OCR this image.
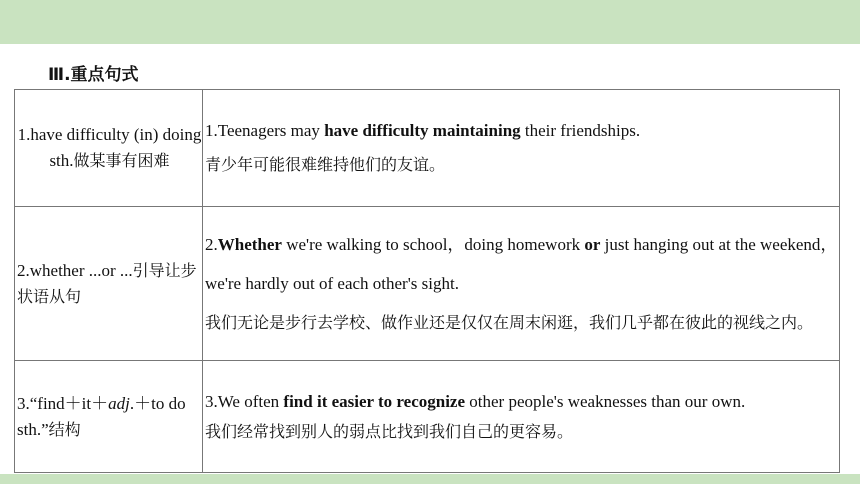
Ⅲ.重点句式
1.have difficulty (in) doing sth.做某事有困难	1.Teenagers may have difficulty maintaining their friendships.
青少年可能很难维持他们的友谊。

2.whether ...or ...引导让步状语从句	2.Whether we're walking to school，doing homework or just hanging out at the weekend，we're hardly out of each other's sight.
我们无论是步行去学校、做作业还是仅仅在周末闲逛，我们几乎都在彼此的视线之内。

3.“find＋it＋adj.＋to do sth.”结构	3.We often find it easier to recognize other people's weaknesses than our own.
我们经常找到别人的弱点比找到我们自己的更容易。
